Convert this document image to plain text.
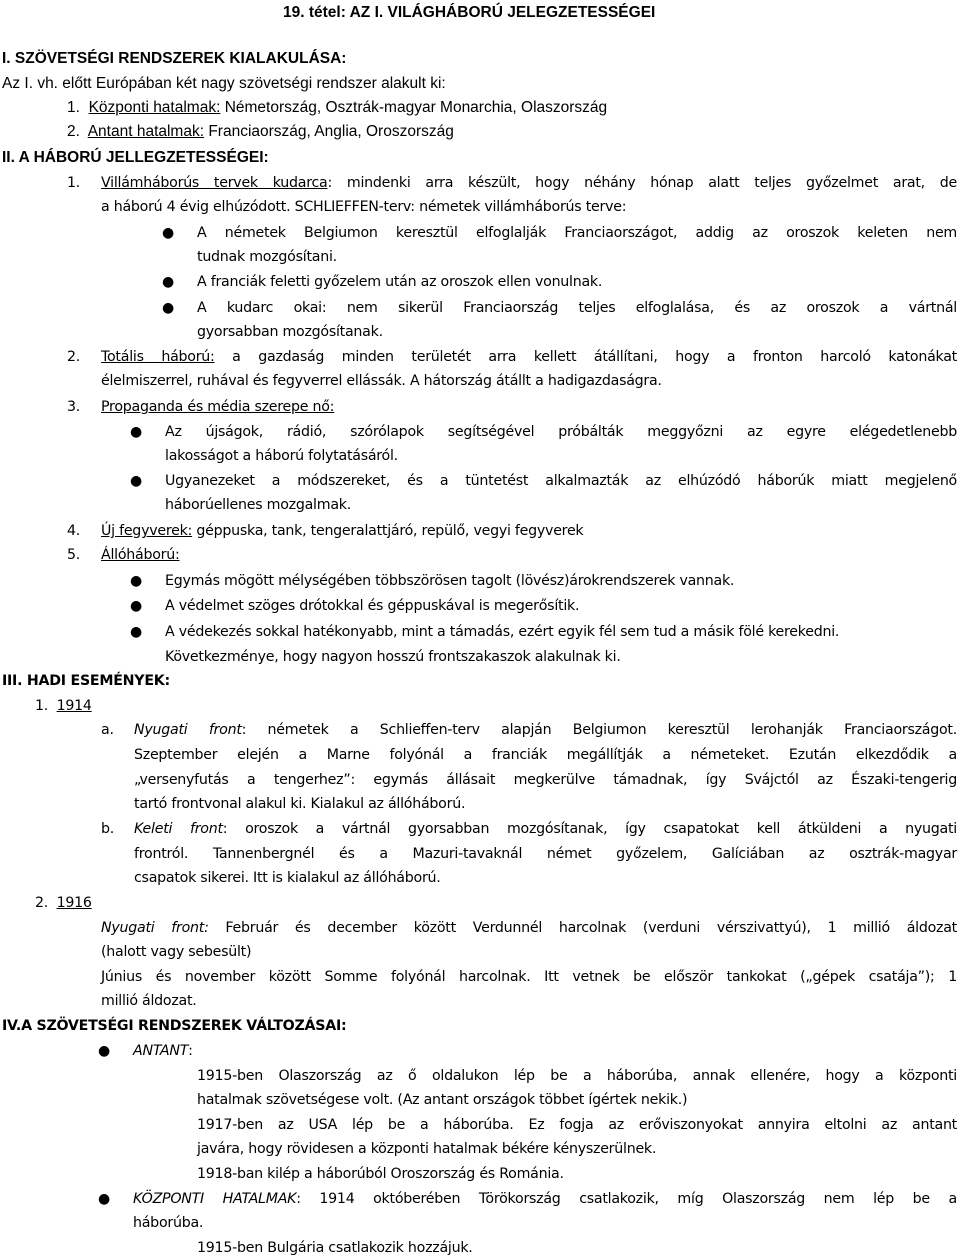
19. tétel: AZ I. VILÁGHÁBORÚ JELEGZETESSÉGEI
I. SZÖVETSÉGI RENDSZEREK KIALAKULÁSA:
Az I. vh. előtt Európában két nagy szövetségi rendszer alakult ki:
1. Központi hatalmak: Németország, Osztrák-magyar Monarchia, Olaszország
2. Antant hatalmak: Franciaország, Anglia, Oroszország
II. A HÁBORÚ JELLEGZETESSÉGEI:
1. Villámháborús tervek kudarca: mindenki arra készült, hogy néhány hónap alatt teljes győzelmet arat, de
a háború 4 évig elhúzódott. SCHLIEFFEN-terv: németek villámháborús terve:
● A németek Belgiumon keresztül elfoglalják Franciaországot, addig az oroszok keleten nem
tudnak mozgósítani.
● A franciák feletti győzelem után az oroszok ellen vonulnak.
● A kudarc okai: nem sikerül Franciaország teljes elfoglalása, és az oroszok a vártnál
gyorsabban mozgósítanak.
2. Totális háború: a gazdaság minden területét arra kellett átállítani, hogy a fronton harcoló katonákat
élelmiszerrel, ruhával és fegyverrel ellássák. A hátország átállt a hadigazdaságra.
3. Propaganda és média szerepe nő:
● Az újságok, rádió, szórólapok segítségével próbálták meggyőzni az egyre elégedetlenebb
lakosságot a háború folytatásáról.
● Ugyanezeket a módszereket, és a tüntetést alkalmazták az elhúzódó háborúk miatt megjelenő
háborúellenes mozgalmak.
4. Új fegyverek: géppuska, tank, tengeralattjáró, repülő, vegyi fegyverek
5. Állóháború:
● Egymás mögött mélységében többszörösen tagolt (lövész)árokrendszerek vannak.
● A védelmet szöges drótokkal és géppuskával is megerősítik.
● A védekezés sokkal hatékonyabb, mint a támadás, ezért egyik fél sem tud a másik fölé kerekedni.
Következménye, hogy nagyon hosszú frontszakaszok alakulnak ki.
III. HADI ESEMÉNYEK:
1. 1914
a. Nyugati front: németek a Schlieffen-terv alapján Belgiumon keresztül lerohanják Franciaországot.
Szeptember elején a Marne folyónál a franciák megállítják a németeket. Ezután elkezdődik a
„versenyfutás a tengerhez”: egymás állásait megkerülve támadnak, így Svájctól az Északi-tengerig
tartó frontvonal alakul ki. Kialakul az állóháború.
b. Keleti front: oroszok a vártnál gyorsabban mozgósítanak, így csapatokat kell átküldeni a nyugati
frontról. Tannenbergnél és a Mazuri-tavaknál német győzelem, Galíciában az osztrák-magyar
csapatok sikerei. Itt is kialakul az állóháború.
2. 1916
Nyugati front: Február és december között Verdunnél harcolnak (verduni vérszivattyú), 1 millió áldozat
(halott vagy sebesült)
Június és november között Somme folyónál harcolnak. Itt vetnek be először tankokat („gépek csatája”); 1
millió áldozat.
IV.A SZÖVETSÉGI RENDSZEREK VÁLTOZÁSAI:
● ANTANT:
1915-ben Olaszország az ő oldalukon lép be a háborúba, annak ellenére, hogy a központi
hatalmak szövetségese volt. (Az antant országok többet ígértek nekik.)
1917-ben az USA lép be a háborúba. Ez fogja az erőviszonyokat annyira eltolni az antant
javára, hogy rövidesen a központi hatalmak békére kényszerülnek.
1918-ban kilép a háborúból Oroszország és Románia.
● KÖZPONTI HATALMAK: 1914 októberében Törökország csatlakozik, míg Olaszország nem lép be a
háborúba.
1915-ben Bulgária csatlakozik hozzájuk.
